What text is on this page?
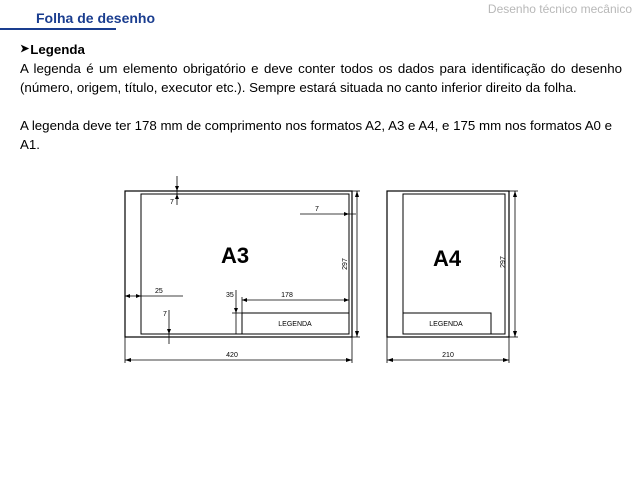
Desenho técnico mecânico
Folha de desenho
➤ Legenda

A legenda é um elemento obrigatório e deve conter todos os dados para identificação do desenho (número, origem, título, executor etc.). Sempre estará situada no canto inferior direito da folha.

A legenda deve ter 178 mm de comprimento nos formatos A2, A3 e A4, e 175 mm nos formatos A0 e A1.

A3
LEGENDA
7
7
25
7
35	178
420
297	A4
LEGENDA
210
297
